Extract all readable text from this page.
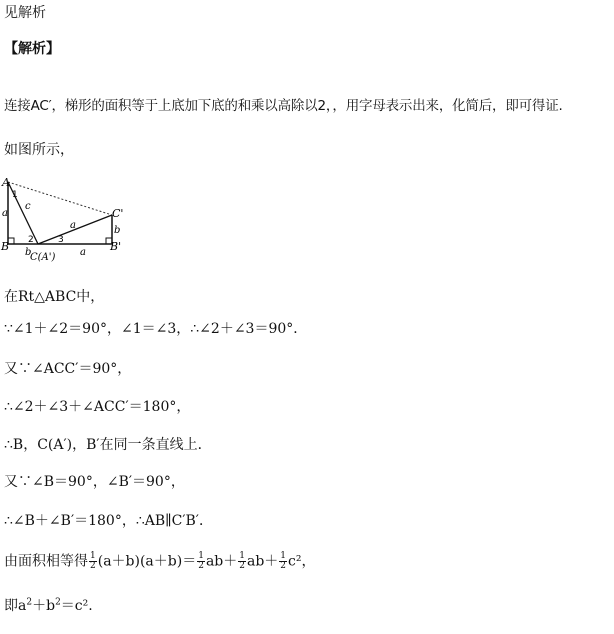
见解析
【解析】
连接AC′，梯形的面积等于上底加下底的和乘以高除以2，，用字母表示出来，化简后，即可得证.
如图所示，
A
B
C'
B'
C(A')
a
c
a	b
b	a
1
2	3
在Rt△ABC中，
∵∠1＋∠2＝90°，∠1＝∠3，∴∠2＋∠3＝90°．
又∵∠ACC′＝90°，
∴∠2＋∠3＋∠ACC′＝180°，
∴B，C(A′)，B′在同一条直线上．
又∵∠B＝90°，∠B′＝90°，
∴∠B＋∠B′＝180°，∴AB∥C′B′．
由面积相等得 $\frac{1}{2} (a+b)(a+b)= \frac{1}{2} ab+ \frac{1}{2} ab+ \frac{1}{2} c^2$，
即$a^2+b^2=c^2$.
